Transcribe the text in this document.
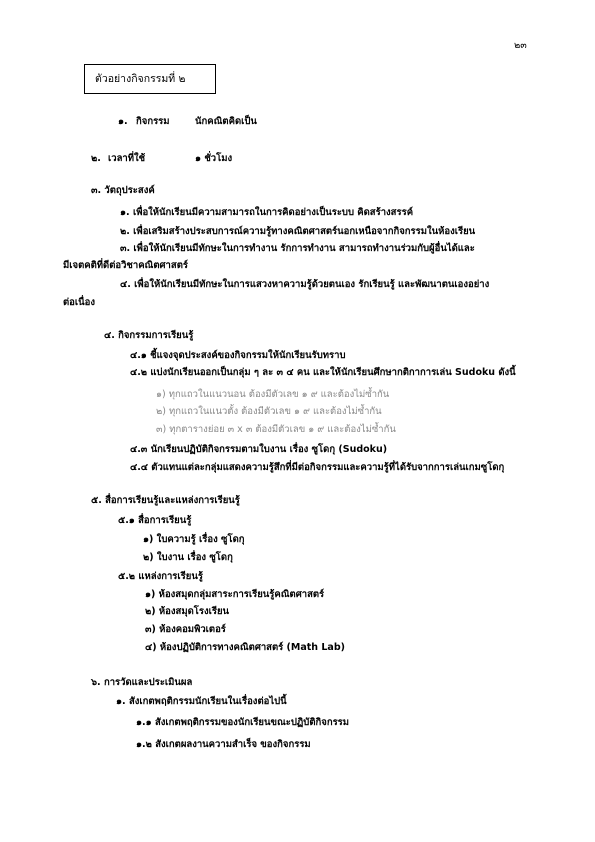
๒๓
ตัวอย่างกิจกรรมที่ ๒
๑. กิจกรรม	นักคณิตคิดเป็น
๒. เวลาที่ใช้	๑ ชั่วโมง
๓. วัตถุประสงค์
๑. เพื่อให้นักเรียนมีความสามารถในการคิดอย่างเป็นระบบ คิดสร้างสรรค์
๒. เพื่อเสริมสร้างประสบการณ์ความรู้ทางคณิตศาสตร์นอกเหนือจากกิจกรรมในห้องเรียน
๓. เพื่อให้นักเรียนมีทักษะในการทำงาน รักการทำงาน สามารถทำงานร่วมกับผู้อื่นได้และ
มีเจตคติที่ดีต่อวิชาคณิตศาสตร์
๔. เพื่อให้นักเรียนมีทักษะในการแสวงหาความรู้ด้วยตนเอง รักเรียนรู้ และพัฒนาตนเองอย่าง
ต่อเนื่อง
๔. กิจกรรมการเรียนรู้
๔.๑ ชี้แจงจุดประสงค์ของกิจกรรมให้นักเรียนรับทราบ
๔.๒ แบ่งนักเรียนออกเป็นกลุ่ม ๆ ละ ๓ ๔ คน และให้นักเรียนศึกษากติกาการเล่น Sudoku ดังนี้
๑) ทุกแถวในแนวนอน ต้องมีตัวเลข ๑ ๙ และต้องไม่ซ้ำกัน
๒) ทุกแถวในแนวตั้ง ต้องมีตัวเลข ๑ ๙ และต้องไม่ซ้ำกัน
๓) ทุกตารางย่อย ๓ x ๓ ต้องมีตัวเลข ๑ ๙ และต้องไม่ซ้ำกัน
๔.๓ นักเรียนปฏิบัติกิจกรรมตามใบงาน เรื่อง ซูโดกุ (Sudoku)
๔.๔ ตัวแทนแต่ละกลุ่มแสดงความรู้สึกที่มีต่อกิจกรรมและความรู้ที่ได้รับจากการเล่นเกมซูโดกุ
๕. สื่อการเรียนรู้และแหล่งการเรียนรู้
๕.๑ สื่อการเรียนรู้
๑) ใบความรู้ เรื่อง ซูโดกุ
๒) ใบงาน เรื่อง ซูโดกุ
๕.๒ แหล่งการเรียนรู้
๑) ห้องสมุดกลุ่มสาระการเรียนรู้คณิตศาสตร์
๒) ห้องสมุดโรงเรียน
๓) ห้องคอมพิวเตอร์
๔) ห้องปฏิบัติการทางคณิตศาสตร์ (Math Lab)
๖. การวัดและประเมินผล
๑. สังเกตพฤติกรรมนักเรียนในเรื่องต่อไปนี้
๑.๑ สังเกตพฤติกรรมของนักเรียนขณะปฏิบัติกิจกรรม
๑.๒ สังเกตผลงานความสำเร็จ ของกิจกรรม
